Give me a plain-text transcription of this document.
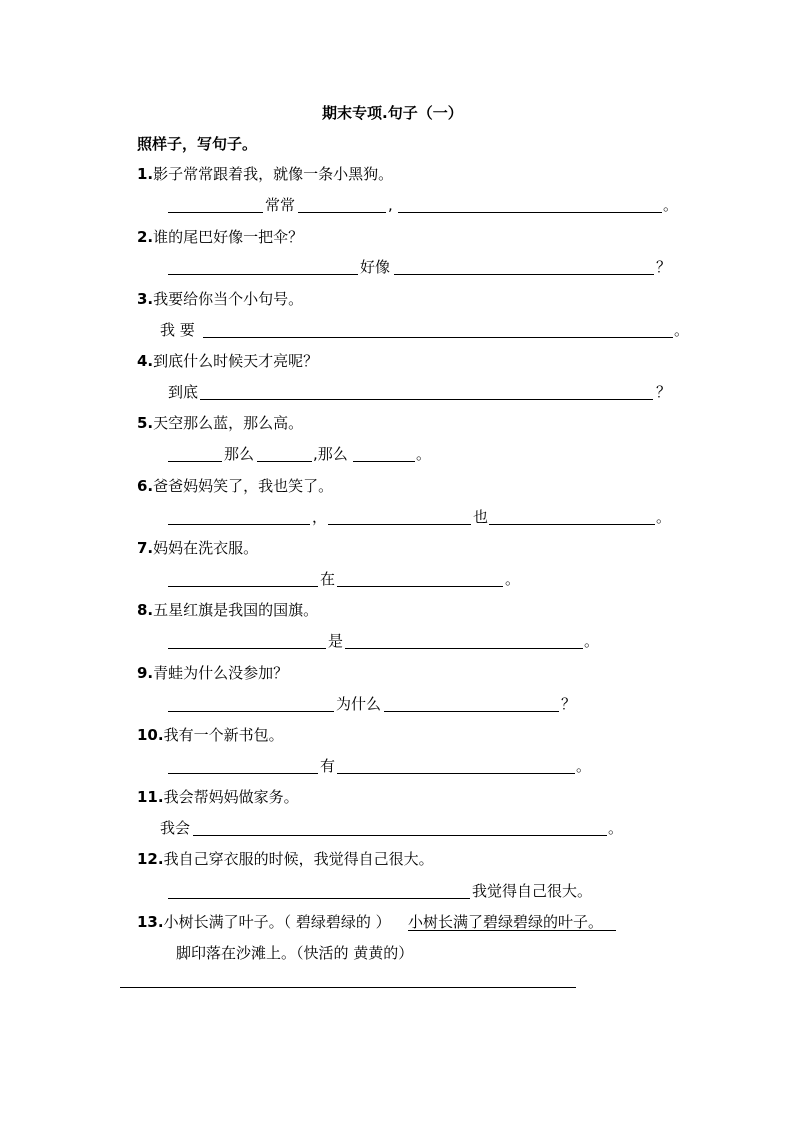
期末专项.句子（一）
照样子，写句子。
1.影子常常跟着我，就像一条小黑狗。
常常	,	。
2.谁的尾巴好像一把伞？
好像	？
3.我要给你当个小句号。
我 要	。
4.到底什么时候天才亮呢？
到底	？
5.天空那么蓝，那么高。
那么	,那么	。
6.爸爸妈妈笑了，我也笑了。
，	也	。
7.妈妈在洗衣服。
在	。
8.五星红旗是我国的国旗。
是	。
9.青蛙为什么没参加？
为什么	？
10.我有一个新书包。
有	。
11.我会帮妈妈做家务。
我会	。
12.我自己穿衣服的时候，我觉得自己很大。
我觉得自己很大。
13.小树长满了叶子。（ 碧绿碧绿的 ） 小树长满了碧绿碧绿的叶子。
脚印落在沙滩上。（快活的 黄黄的）
